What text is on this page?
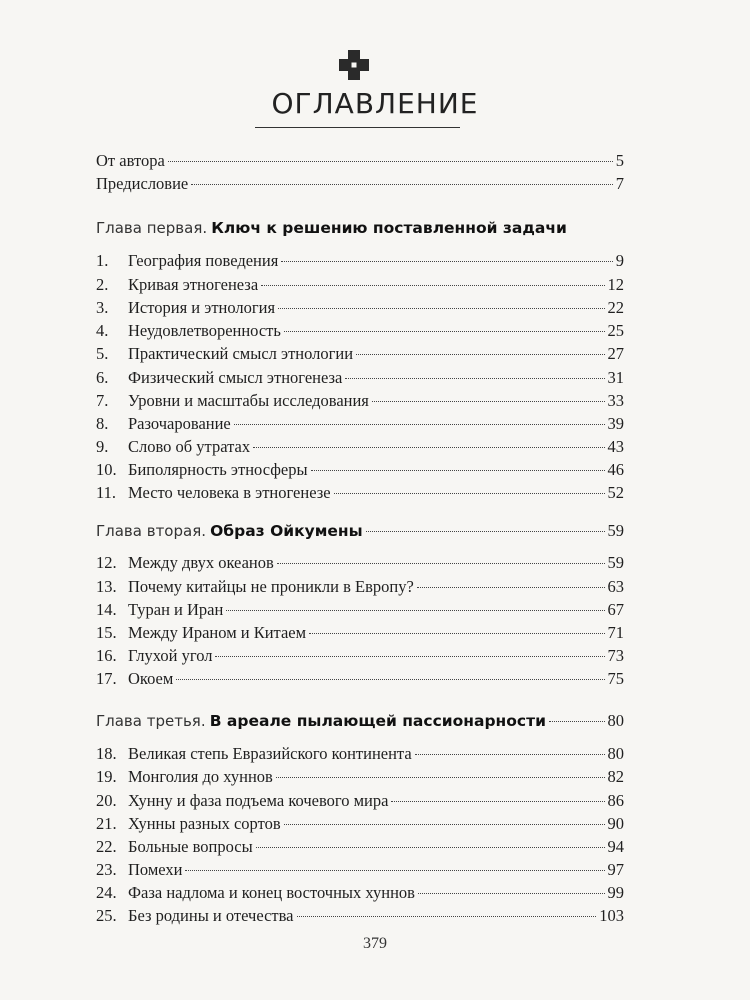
ОГЛАВЛЕНИЕ
От автора	5
Предисловие	7
Глава первая.
Ключ к решению поставленной задачи
1.	География поведения	9
2.	Кривая этногенеза	12
3.	История и этнология	22
4.	Неудовлетворенность	25
5.	Практический смысл этнологии	27
6.	Физический смысл этногенеза	31
7.	Уровни и масштабы исследования	33
8.	Разочарование	39
9.	Слово об утратах	43
10. Биполярность этносферы	46
11. Место человека в этногенезе	52
Глава вторая.
Образ Ойкумены	59
12. Между двух океанов	59
13. Почему китайцы не проникли в Европу?	63
14. Туран и Иран	67
15. Между Ираном и Китаем	71
16. Глухой угол	73
17. Окоем	75
Глава третья.
В ареале пылающей пассионарности	80
18. Великая степь Евразийского континента	80
19. Монголия до хуннов	82
20. Хунну и фаза подъема кочевого мира	86
21. Хунны разных сортов	90
22. Больные вопросы	94
23. Помехи	97
24. Фаза надлома и конец восточных хуннов	99
25. Без родины и отечества	103
379
